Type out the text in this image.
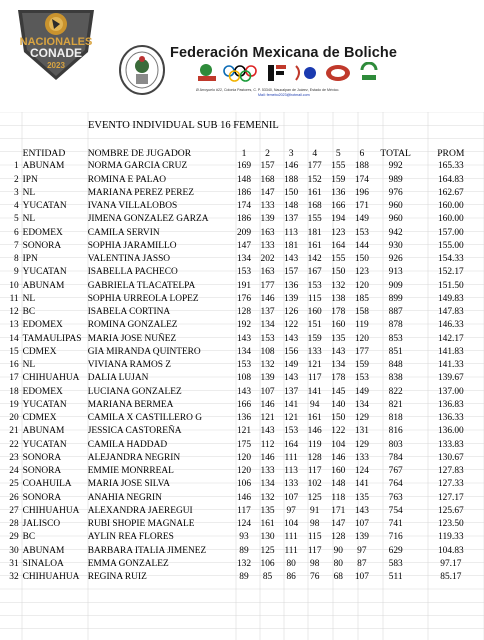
NACIONALES
CONADE
2023
Federación Mexicana de Boliche
Ø Arroyuelo #22, Colonia Pastores, C. P. 53340, Naucalpan de Juárez, Estado de México.
Mail: femebo2023@hotmail.com
EVENTO INDIVIDUAL SUB 16 FEMENIL
	ENTIDAD	NOMBRE DE JUGADOR	1	2	3	4	5	6	TOTAL	PROM
1	ABUNAM	NORMA GARCIA CRUZ	169	157	146	177	155	188	992	165.33
2	IPN	ROMINA E PALAO	148	168	188	152	159	174	989	164.83
3	NL	MARIANA PEREZ PEREZ	186	147	150	161	136	196	976	162.67
4	YUCATAN	IVANA VILLALOBOS	174	133	148	168	166	171	960	160.00
5	NL	JIMENA GONZALEZ GARZA	186	139	137	155	194	149	960	160.00
6	EDOMEX	CAMILA SERVIN	209	163	113	181	123	153	942	157.00
7	SONORA	SOPHIA JARAMILLO	147	133	181	161	164	144	930	155.00
8	IPN	VALENTINA JASSO	134	202	143	142	155	150	926	154.33
9	YUCATAN	ISABELLA PACHECO	153	163	157	167	150	123	913	152.17
10	ABUNAM	GABRIELA TLACATELPA	191	177	136	153	132	120	909	151.50
11	NL	SOPHIA URREOLA LOPEZ	176	146	139	115	138	185	899	149.83
12	BC	ISABELA CORTINA	128	137	126	160	178	158	887	147.83
13	EDOMEX	ROMINA GONZALEZ	192	134	122	151	160	119	878	146.33
14	TAMAULIPAS	MARIA JOSE NUÑEZ	143	153	143	159	135	120	853	142.17
15	CDMEX	GIA MIRANDA QUINTERO	134	108	156	133	143	177	851	141.83
16	NL	VIVIANA RAMOS Z	153	132	149	121	134	159	848	141.33
17	CHIHUAHUA	DALIA LUJAN	108	139	143	117	178	153	838	139.67
18	EDOMEX	LUCIANA GONZALEZ	143	107	137	141	145	149	822	137.00
19	YUCATAN	MARIANA BERMEA	166	146	141	94	140	134	821	136.83
20	CDMEX	CAMILA X CASTILLERO G	136	121	121	161	150	129	818	136.33
21	ABUNAM	JESSICA CASTOREÑA	121	143	153	146	122	131	816	136.00
22	YUCATAN	CAMILA HADDAD	175	112	164	119	104	129	803	133.83
23	SONORA	ALEJANDRA NEGRIN	120	146	111	128	146	133	784	130.67
24	SONORA	EMMIE MONRREAL	120	133	113	117	160	124	767	127.83
25	COAHUILA	MARIA JOSE SILVA	106	134	133	102	148	141	764	127.33
26	SONORA	ANAHIA NEGRIN	146	132	107	125	118	135	763	127.17
27	CHIHUAHUA	ALEXANDRA JAEREGUI	117	135	97	91	171	143	754	125.67
28	JALISCO	RUBI SHOPIE MAGNALE	124	161	104	98	147	107	741	123.50
29	BC	AYLIN REA FLORES	93	130	111	115	128	139	716	119.33
30	ABUNAM	BARBARA ITALIA JIMENEZ	89	125	111	117	90	97	629	104.83
31	SINALOA	EMMA GONZALEZ	132	106	80	98	80	87	583	97.17
32	CHIHUAHUA	REGINA RUIZ	89	85	86	76	68	107	511	85.17
